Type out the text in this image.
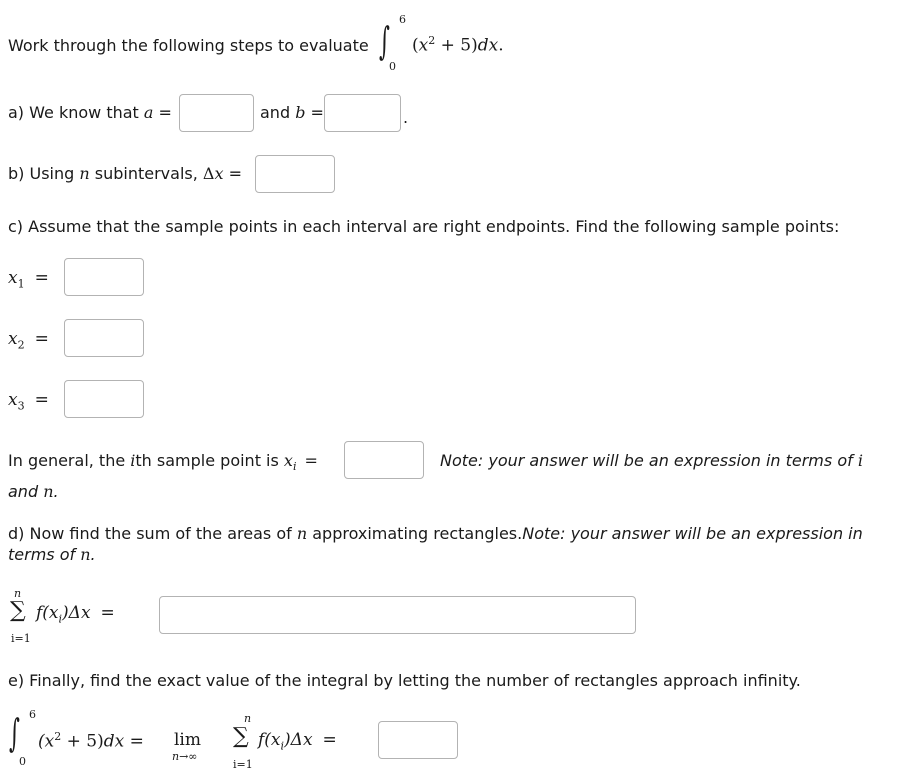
Work through the following steps to evaluate ∫ 6
0
$(x^2 + 5)dx$.
a) We know that a =	and b =	.
b) Using n subintervals, Δx =
c) Assume that the sample points in each interval are right endpoints. Find the following sample points:
$x_1$ =
$x_2$ =
$x_3$ =
In general, the ith sample point is $x_i$ =	Note: your answer will be an expression in terms of i
and n.
d) Now find the sum of the areas of n approximating rectangles.Note: your answer will be an expression in
terms of n.
n
∑
i=1
$f(x_i)\Delta x$ =
e) Finally, find the exact value of the integral by letting the number of rectangles approach infinity.
∫ 6
0
$(x^2 + 5)dx = \lim$
n→∞
n
∑
i=1
$f(x_i)\Delta x$ =
